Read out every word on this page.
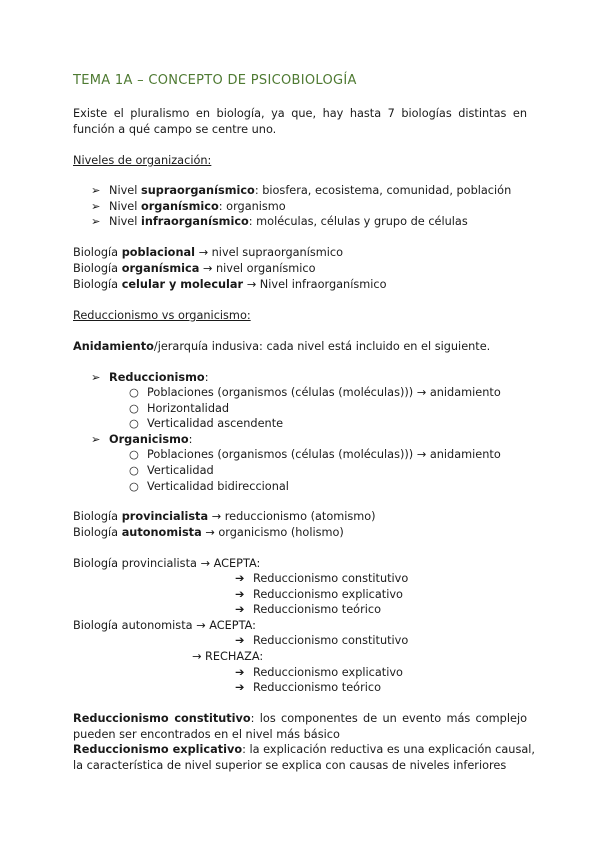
TEMA 1A – CONCEPTO DE PSICOBIOLOGÍA
Existe el pluralismo en biología, ya que, hay hasta 7 biologías distintas en
función a qué campo se centre uno.
Niveles de organización:
➢ Nivel supraorganísmico: biosfera, ecosistema, comunidad, población
➢ Nivel organísmico: organismo
➢ Nivel infraorganísmico: moléculas, células y grupo de células
Biología poblacional → nivel supraorganísmico
Biología organísmica → nivel organísmico
Biología celular y molecular → Nivel infraorganísmico
Reduccionismo vs organicismo:
Anidamiento/jerarquía indusiva: cada nivel está incluido en el siguiente.
➢ Reduccionismo:
○ Poblaciones (organismos (células (moléculas))) → anidamiento
○ Horizontalidad
○ Verticalidad ascendente
➢ Organicismo:
○ Poblaciones (organismos (células (moléculas))) → anidamiento
○ Verticalidad
○ Verticalidad bidireccional
Biología provincialista → reduccionismo (atomismo)
Biología autonomista → organicismo (holismo)
Biología provincialista → ACEPTA:
➔ Reduccionismo constitutivo
➔ Reduccionismo explicativo
➔ Reduccionismo teórico
Biología autonomista → ACEPTA:
➔ Reduccionismo constitutivo
→ RECHAZA:
➔ Reduccionismo explicativo
➔ Reduccionismo teórico
Reduccionismo constitutivo: los componentes de un evento más complejo
pueden ser encontrados en el nivel más básico
Reduccionismo explicativo: la explicación reductiva es una explicación causal,
la característica de nivel superior se explica con causas de niveles inferiores
